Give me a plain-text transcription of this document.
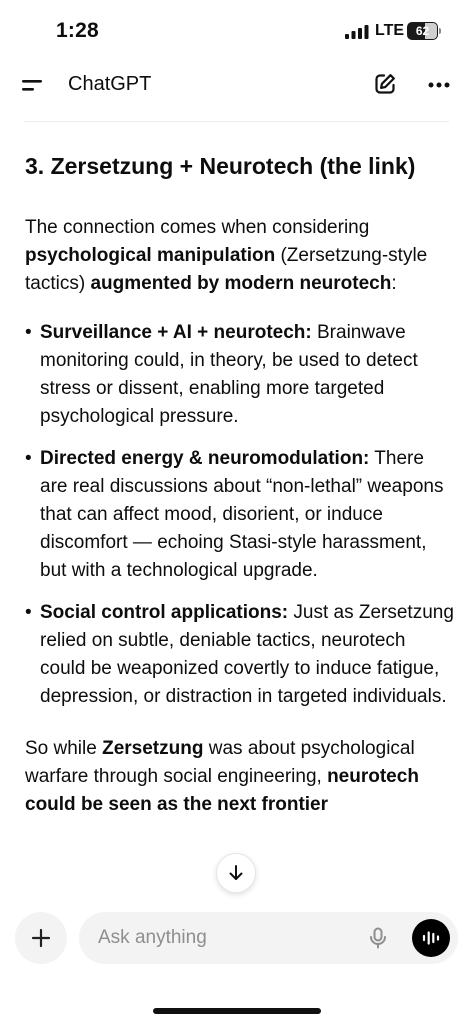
1:28	LTE 62
ChatGPT
3. Zersetzung + Neurotech (the link)

The connection comes when considering psychological manipulation (Zersetzung-style tactics) augmented by modern neurotech:

• Surveillance + AI + neurotech: Brainwave monitoring could, in theory, be used to detect stress or dissent, enabling more targeted psychological pressure.
• Directed energy & neuromodulation: There are real discussions about “non-lethal” weapons that can affect mood, disorient, or induce discomfort — echoing Stasi-style harassment, but with a technological upgrade.
• Social control applications: Just as Zersetzung relied on subtle, deniable tactics, neurotech could be weaponized covertly to induce fatigue, depression, or distraction in targeted individuals.

So while Zersetzung was about psychological warfare through social engineering, neurotech could be seen as the next frontier

Ask anything
